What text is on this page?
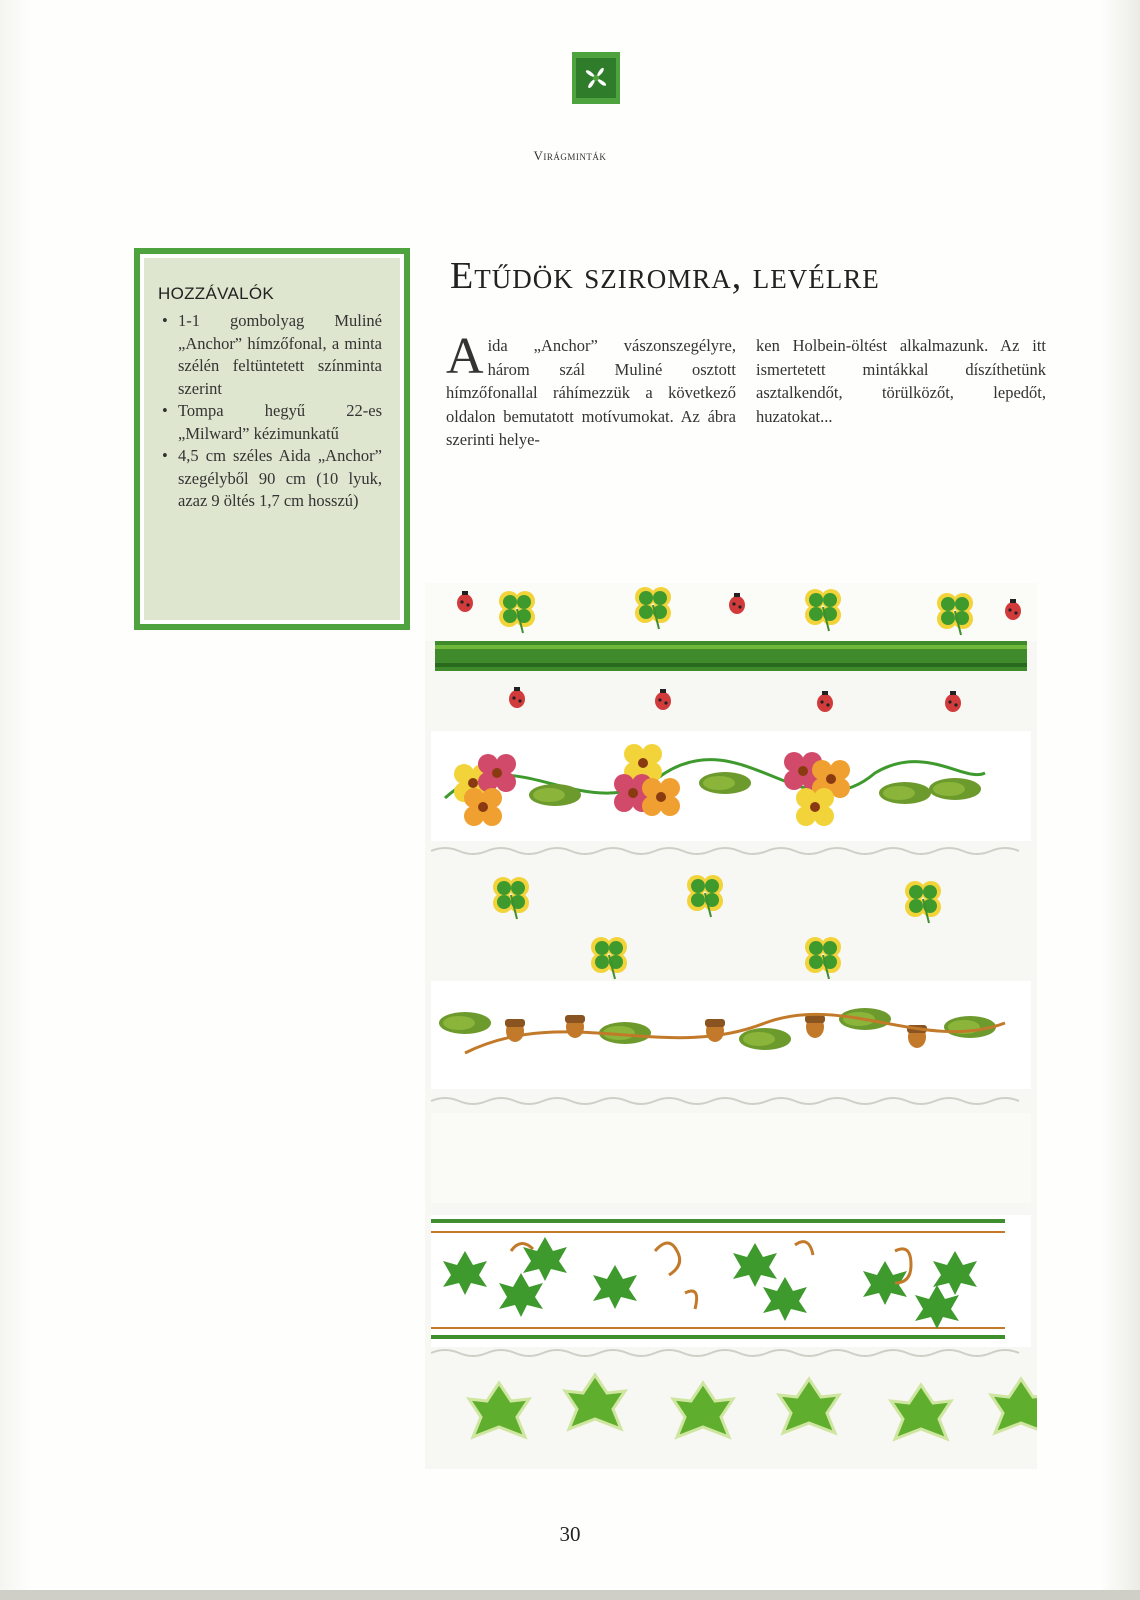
Virágminták
HOZZÁVALÓK
• 1-1 gombolyag Muliné „Anchor” hímzőfonal, a minta szélén feltüntetett színminta szerint
• Tompa hegyű 22-es „Milward” kézimunkatű
• 4,5 cm széles Aida „Anchor” szegélyből 90 cm (10 lyuk, azaz 9 öltés 1,7 cm hosszú)
Etűdök sziromra, levélre
Aida „Anchor” vászonszegélyre, három szál Muliné osztott hímzőfonallal ráhímezzük a következő oldalon bemutatott motívumokat. Az ábra szerinti helye-
ken Holbein-öltést alkalmazunk. Az itt ismertetett mintákkal díszíthetünk asztalkendőt, törülközőt, lepedőt, huzatokat...
30
